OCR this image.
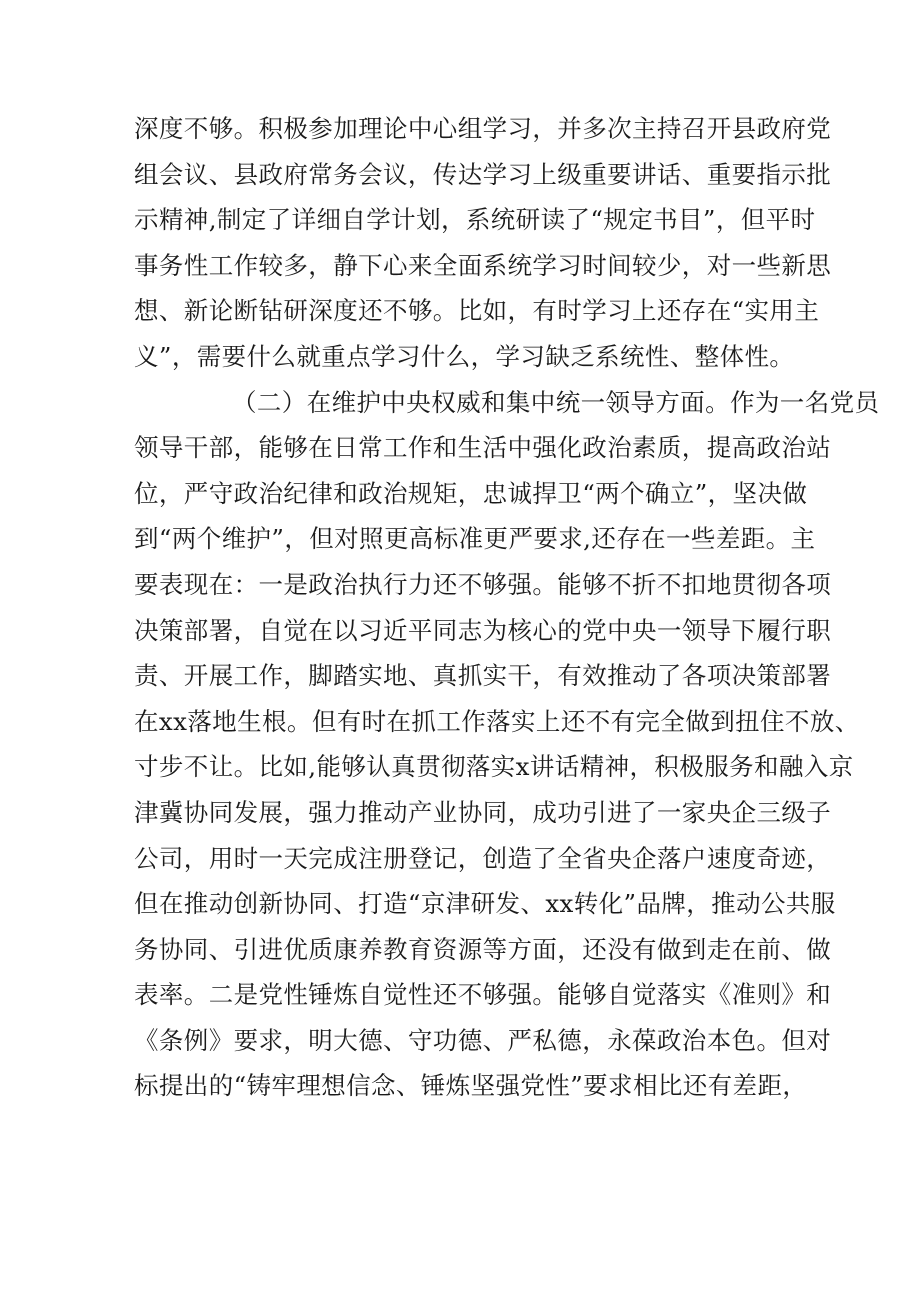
深度不够。积极参加理论中心组学习，并多次主持召开县政府党
组会议、县政府常务会议，传达学习上级重要讲话、重要指示批
示精神,制定了详细自学计划，系统研读了“规定书目”，但平时
事务性工作较多，静下心来全面系统学习时间较少，对一些新思
想、新论断钻研深度还不够。比如，有时学习上还存在“实用主
义”，需要什么就重点学习什么，学习缺乏系统性、整体性。
（二）在维护中央权威和集中统一领导方面。作为一名党员
领导干部，能够在日常工作和生活中强化政治素质，提高政治站
位，严守政治纪律和政治规矩，忠诚捍卫“两个确立”，坚决做
到“两个维护”，但对照更高标准更严要求,还存在一些差距。主
要表现在：一是政治执行力还不够强。能够不折不扣地贯彻各项
决策部署，自觉在以习近平同志为核心的党中央一领导下履行职
责、开展工作，脚踏实地、真抓实干，有效推动了各项决策部署
在xx落地生根。但有时在抓工作落实上还不有完全做到扭住不放、
寸步不让。比如,能够认真贯彻落实x讲话精神，积极服务和融入京
津冀协同发展，强力推动产业协同，成功引进了一家央企三级子
公司，用时一天完成注册登记，创造了全省央企落户速度奇迹，
但在推动创新协同、打造“京津研发、xx转化”品牌，推动公共服
务协同、引进优质康养教育资源等方面，还没有做到走在前、做
表率。二是党性锤炼自觉性还不够强。能够自觉落实《准则》和
《条例》要求，明大德、守功德、严私德，永葆政治本色。但对
标提出的“铸牢理想信念、锤炼坚强党性”要求相比还有差距，
